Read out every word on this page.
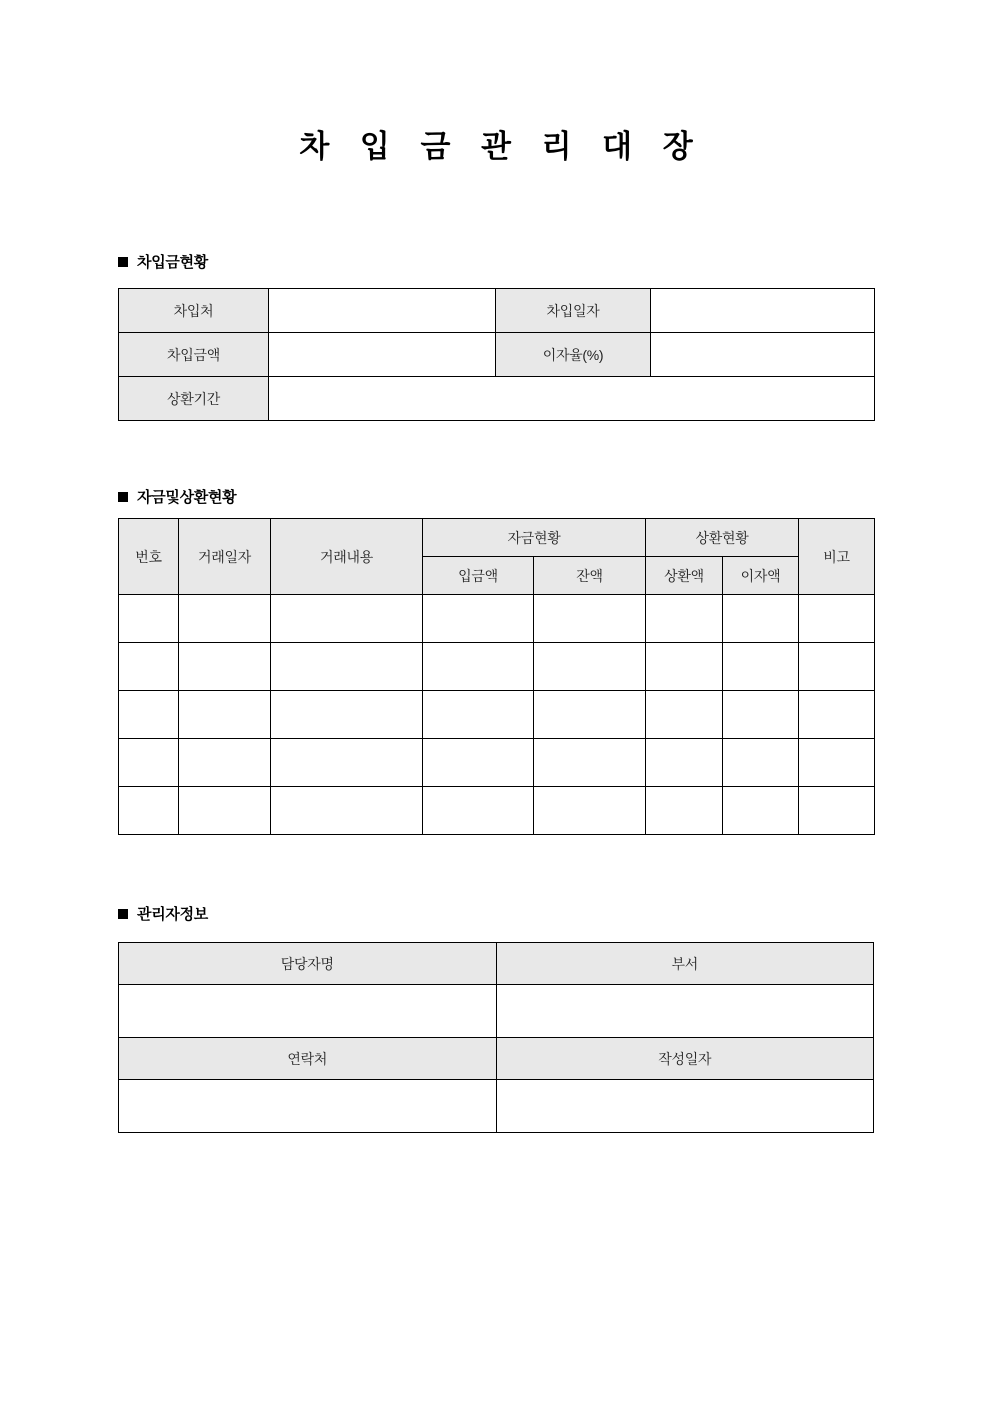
차 입 금 관 리 대 장
차입금현황
차입처		차입일자	
차입금액		이자율(%)	
상환기간			
자금및상환현황
번호	거래일자	거래내용	자금현황		상환현황		비고
			입금액	잔액	상환액	이자액	

관리자정보
담당자명	부서

연락처	작성일자
